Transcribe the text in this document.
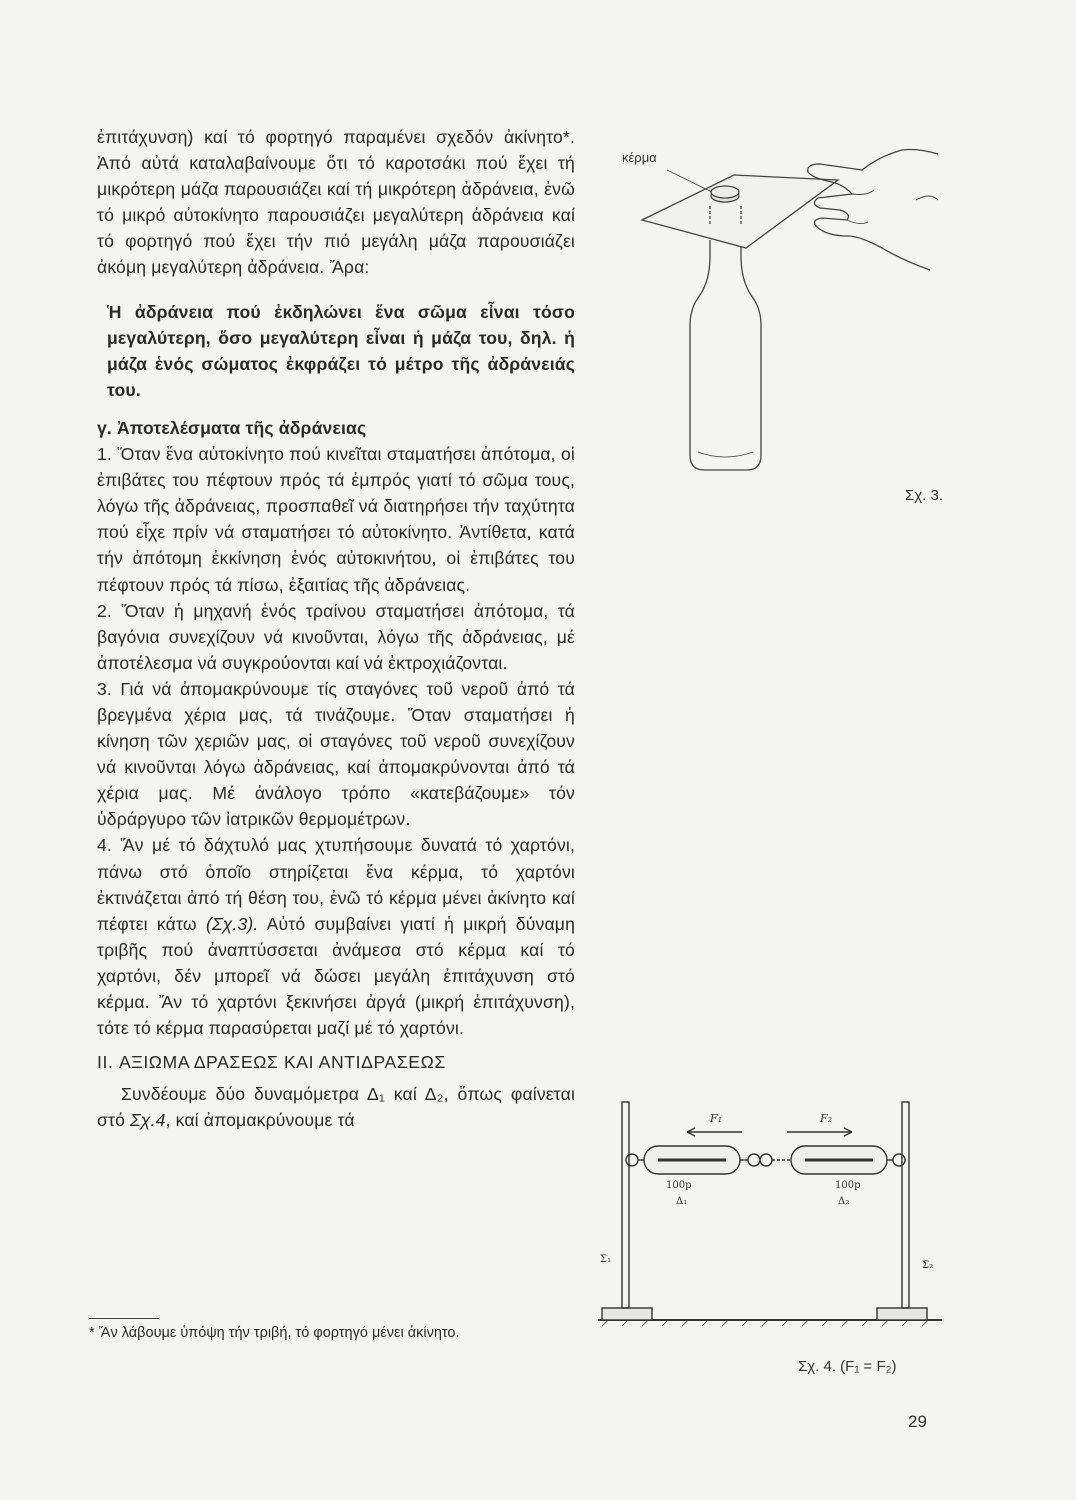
ἐπιτάχυνση) καί τό φορτηγό παραμένει σχεδόν ἀκίνητο*. Ἀπό αὐτά καταλαβαίνουμε ὅτι τό καροτσάκι πού ἔχει τή μικρότερη μάζα παρουσιάζει καί τή μικρότερη ἀδράνεια, ἐνῶ τό μικρό αὐτοκίνητο παρουσιάζει μεγαλύτερη ἀδράνεια καί τό φορτηγό πού ἔχει τήν πιό μεγάλη μάζα παρουσιάζει ἀκόμη μεγαλύτερη ἀδράνεια. Ἄρα:

Ἡ ἀδράνεια πού ἐκδηλώνει ἕνα σῶμα εἶναι τόσο μεγαλύτερη, ὅσο μεγαλύτερη εἶναι ἡ μάζα του, δηλ. ἡ μάζα ἑνός σώματος ἐκφράζει τό μέτρο τῆς ἀδράνειάς του.

γ. Ἀποτελέσματα τῆς ἀδράνειας

1. Ὅταν ἕνα αὐτοκίνητο πού κινεῖται σταματήσει ἀπότομα, οἱ ἐπιβάτες του πέφτουν πρός τά ἐμπρός γιατί τό σῶμα τους, λόγω τῆς ἀδράνειας, προσπαθεῖ νά διατηρήσει τήν ταχύτητα πού εἶχε πρίν νά σταματήσει τό αὐτοκίνητο. Ἀντίθετα, κατά τήν ἀπότομη ἐκκίνηση ἑνός αὐτοκινήτου, οἱ ἐπιβάτες του πέφτουν πρός τά πίσω, ἐξαιτίας τῆς ἀδράνειας.

2. Ὅταν ἡ μηχανή ἑνός τραίνου σταματήσει ἀπότομα, τά βαγόνια συνεχίζουν νά κινοῦνται, λόγω τῆς ἀδράνειας, μέ ἀποτέλεσμα νά συγκρούονται καί νά ἐκτροχιάζονται.

3. Γιά νά ἀπομακρύνουμε τίς σταγόνες τοῦ νεροῦ ἀπό τά βρεγμένα χέρια μας, τά τινάζουμε. Ὅταν σταματήσει ἡ κίνηση τῶν χεριῶν μας, οἱ σταγόνες τοῦ νεροῦ συνεχίζουν νά κινοῦνται λόγω ἀδράνειας, καί ἀπομακρύνονται ἀπό τά χέρια μας. Μέ ἀνάλογο τρόπο «κατεβάζουμε» τόν ὑδράργυρο τῶν ἰατρικῶν θερμομέτρων.

4. Ἄν μέ τό δάχτυλό μας χτυπήσουμε δυνατά τό χαρτόνι, πάνω στό ὁποῖο στηρίζεται ἕνα κέρμα, τό χαρτόνι ἐκτινάζεται ἀπό τή θέση του, ἐνῶ τό κέρμα μένει ἀκίνητο καί πέφτει κάτω (Σχ.3). Αὐτό συμβαίνει γιατί ἡ μικρή δύναμη τριβῆς πού ἀναπτύσσεται ἀνάμεσα στό κέρμα καί τό χαρτόνι, δέν μπορεῖ νά δώσει μεγάλη ἐπιτάχυνση στό κέρμα. Ἄν τό χαρτόνι ξεκινήσει ἀργά (μικρή ἐπιτάχυνση), τότε τό κέρμα παρασύρεται μαζί μέ τό χαρτόνι.

II. ΑΞΙΩΜΑ ΔΡΑΣΕΩΣ ΚΑΙ ΑΝΤΙΔΡΑΣΕΩΣ

Συνδέουμε δύο δυναμόμετρα Δ₁ καί Δ₂, ὅπως φαίνεται στό Σχ.4, καί ἀπομακρύνουμε τά

* Ἄν λάβουμε ὑπόψη τήν τριβή, τό φορτηγό μένει ἀκίνητο.
κέρμα
Σχ. 3.
F₁	F₂
100p	100p
Δ₁	Δ₂
Σ₁
Σ₂
Σχ. 4. (F₁ = F₂)
29
